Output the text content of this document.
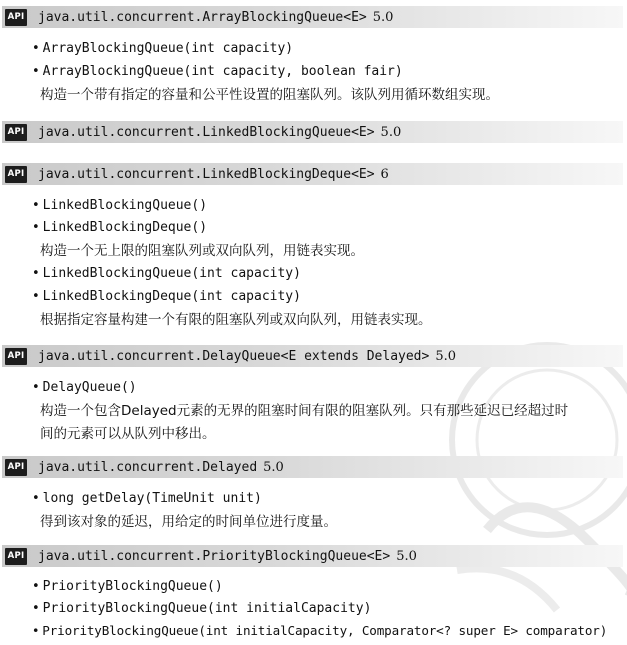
API java.util.concurrent.ArrayBlockingQueue<E> 5.0
• ArrayBlockingQueue(int capacity)
• ArrayBlockingQueue(int capacity, boolean fair)
构造一个带有指定的容量和公平性设置的阻塞队列。该队列用循环数组实现。
API java.util.concurrent.LinkedBlockingQueue<E> 5.0
API java.util.concurrent.LinkedBlockingDeque<E> 6
• LinkedBlockingQueue()
• LinkedBlockingDeque()
构造一个无上限的阻塞队列或双向队列，用链表实现。
• LinkedBlockingQueue(int capacity)
• LinkedBlockingDeque(int capacity)
根据指定容量构建一个有限的阻塞队列或双向队列，用链表实现。
API java.util.concurrent.DelayQueue<E extends Delayed> 5.0
• DelayQueue()
构造一个包含Delayed元素的无界的阻塞时间有限的阻塞队列。只有那些延迟已经超过时
间的元素可以从队列中移出。
API java.util.concurrent.Delayed 5.0
• long getDelay(TimeUnit unit)
得到该对象的延迟，用给定的时间单位进行度量。
API java.util.concurrent.PriorityBlockingQueue<E> 5.0
• PriorityBlockingQueue()
• PriorityBlockingQueue(int initialCapacity)
• PriorityBlockingQueue(int initialCapacity, Comparator<? super E> comparator)
